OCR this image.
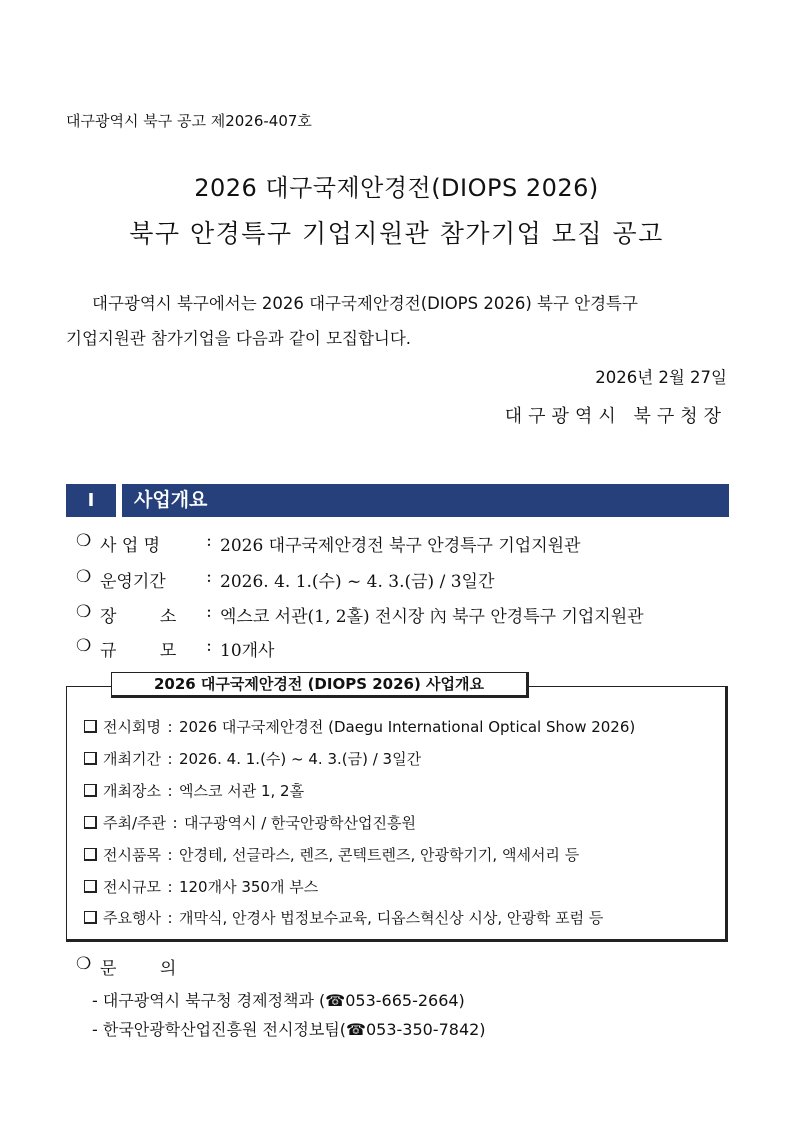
대구광역시 북구 공고 제2026-407호
2026 대구국제안경전(DIOPS 2026)
북구 안경특구 기업지원관 참가기업 모집 공고
대구광역시 북구에서는 2026 대구국제안경전(DIOPS 2026) 북구 안경특구
기업지원관 참가기업을 다음과 같이 모집합니다.
2026년 2월 27일
대구광역시 북구청장
Ⅰ	사업개요
❍ 사 업 명	: 2026 대구국제안경전 북구 안경특구 기업지원관
❍ 운영기간	: 2026. 4. 1.(수) ~ 4. 3.(금) / 3일간
❍ 장 소	: 엑스코 서관(1, 2홀) 전시장 內 북구 안경특구 기업지원관
❍ 규 모	: 10개사
2026 대구국제안경전 (DIOPS 2026) 사업개요
전시회명 : 2026 대구국제안경전 (Daegu International Optical Show 2026)
개최기간 : 2026. 4. 1.(수) ~ 4. 3.(금) / 3일간
개최장소 : 엑스코 서관 1, 2홀
주최/주관 : 대구광역시 / 한국안광학산업진흥원
전시품목 : 안경테, 선글라스, 렌즈, 콘텍트렌즈, 안광학기기, 액세서리 등
전시규모 : 120개사 350개 부스
주요행사 : 개막식, 안경사 법정보수교육, 디옵스혁신상 시상, 안광학 포럼 등
❍ 문 의
- 대구광역시 북구청 경제정책과 (☎053-665-2664)
- 한국안광학산업진흥원 전시정보팀(☎053-350-7842)
